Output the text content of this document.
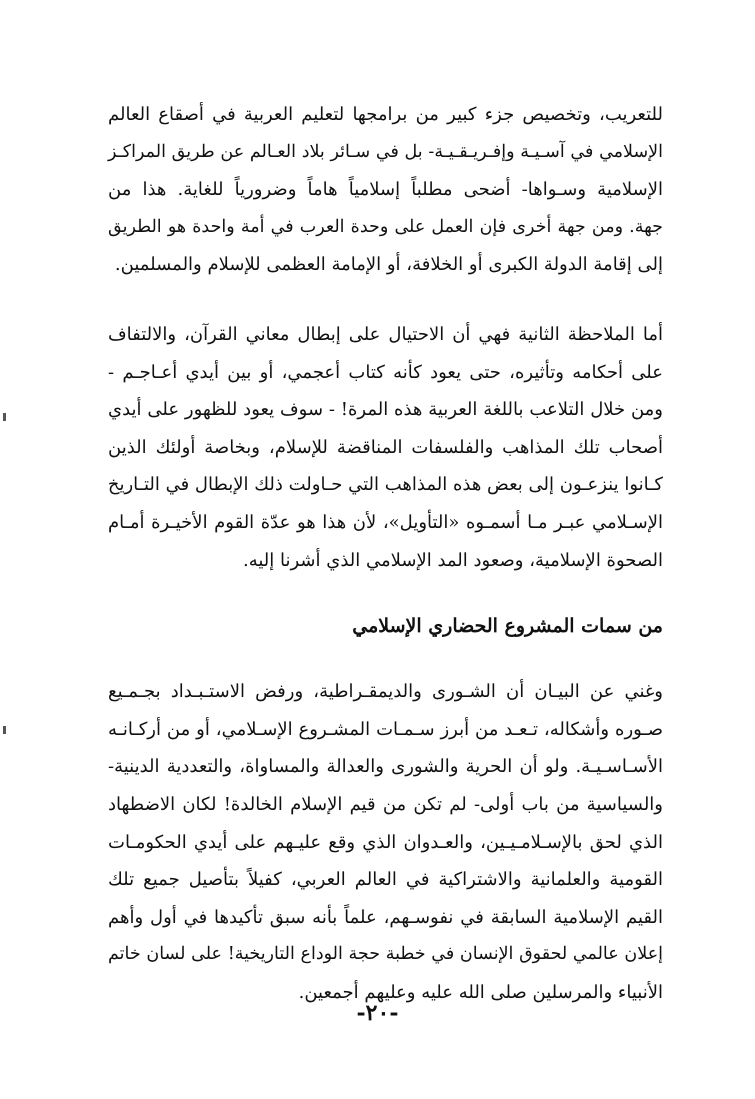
للتعريب، وتخصيص جزء كبير من برامجها لتعليم العربية في أصقاع العالم
الإسلامي في آسـيـة وإفـريـقـيـة- بل في سـائر بلاد العـالم عن طريق المراكـز
الإسلامية وسـواها- أضحى مطلباً إسلامياً هاماً وضرورياً للغاية. هذا من
جهة. ومن جهة أخرى فإن العمل على وحدة العرب في أمة واحدة هو الطريق
إلى إقامة الدولة الكبرى أو الخلافة، أو الإمامة العظمى للإسلام والمسلمين.

أما الملاحظة الثانية فهي أن الاحتيال على إبطال معاني القرآن، والالتفاف
على أحكامه وتأثيره، حتى يعود كأنه كتاب أعجمي، أو بين أيدي أعـاجـم -
ومن خلال التلاعب باللغة العربية هذه المرة! - سوف يعود للظهور على أيدي
أصحاب تلك المذاهب والفلسفات المناقضة للإسلام، وبخاصة أولئك الذين
كـانوا ينزعـون إلى بعض هذه المذاهب التي حـاولت ذلك الإبطال في التـاريخ
الإسـلامي عبـر مـا أسمـوه «التأويل»، لأن هذا هو عدّة القوم الأخيـرة أمـام
الصحوة الإسلامية، وصعود المد الإسلامي الذي أشرنا إليه.

من سمات المشروع الحضاري الإسلامي

وغني عن البيـان أن الشـورى والديمقـراطية، ورفض الاستـبـداد بجـمـيع
صـوره وأشكاله، تـعـد من أبرز سـمـات المشـروع الإسـلامي، أو من أركـانـه
الأسـاسـيـة. ولو أن الحرية والشورى والعدالة والمساواة، والتعددية الدينية-
والسياسية من باب أولى- لم تكن من قيم الإسلام الخالدة! لكان الاضطهاد
الذي لحق بالإسـلامـيـين، والعـدوان الذي وقع عليـهم على أيدي الحكومـات
القومية والعلمانية والاشتراكية في العالم العربي، كفيلاً بتأصيل جميع تلك
القيم الإسلامية السابقة في نفوسـهم، علماً بأنه سبق تأكيدها في أول وأهم
إعلان عالمي لحقوق الإنسان في خطبة حجة الوداع التاريخية! على لسان خاتم
الأنبياء والمرسلين صلى الله عليه وعليهم أجمعين.

-٢٠-
